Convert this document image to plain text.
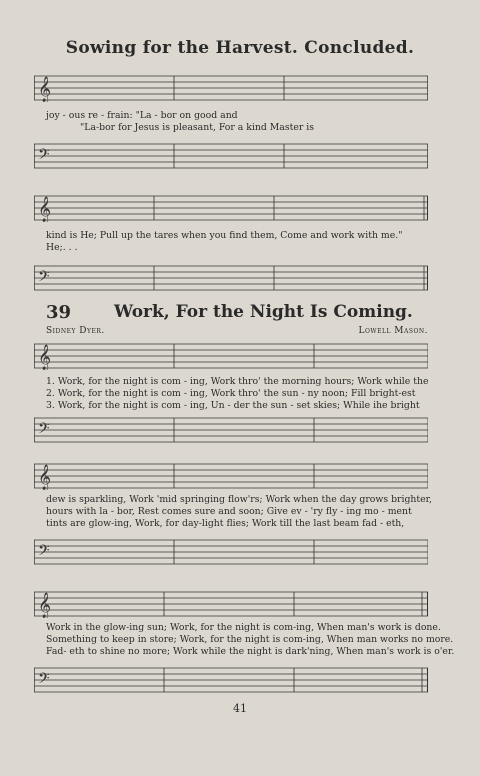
Sowing for the Harvest. Concluded.
𝄞
joy - ous re - frain: "La - bor on good and
"La-bor for Jesus is pleasant, For a kind Master is
𝄢
𝄞
kind is He; Pull up the tares when you find them, Come and work with me."
He;. . .
𝄢
39	Work, For the Night Is Coming.
Sidney Dyer.	Lowell Mason.
𝄞
1. Work, for the night is com - ing, Work thro' the morning hours; Work while the
2. Work, for the night is com - ing, Work thro' the sun - ny noon; Fill bright-est
3. Work, for the night is com - ing, Un - der the sun - set skies; While ihe bright
𝄢
𝄞
dew is sparkling, Work 'mid springing flow'rs; Work when the day grows brighter,
hours with la - bor, Rest comes sure and soon; Give ev - 'ry fly - ing mo - ment
tints are glow-ing, Work, for day-light flies; Work till the last beam fad - eth,
𝄢
𝄞
Work in the glow-ing sun; Work, for the night is com-ing, When man's work is done.
Something to keep in store; Work, for the night is com-ing, When man works no more.
Fad- eth to shine no more; Work while the night is dark'ning, When man's work is o'er.
𝄢
41
